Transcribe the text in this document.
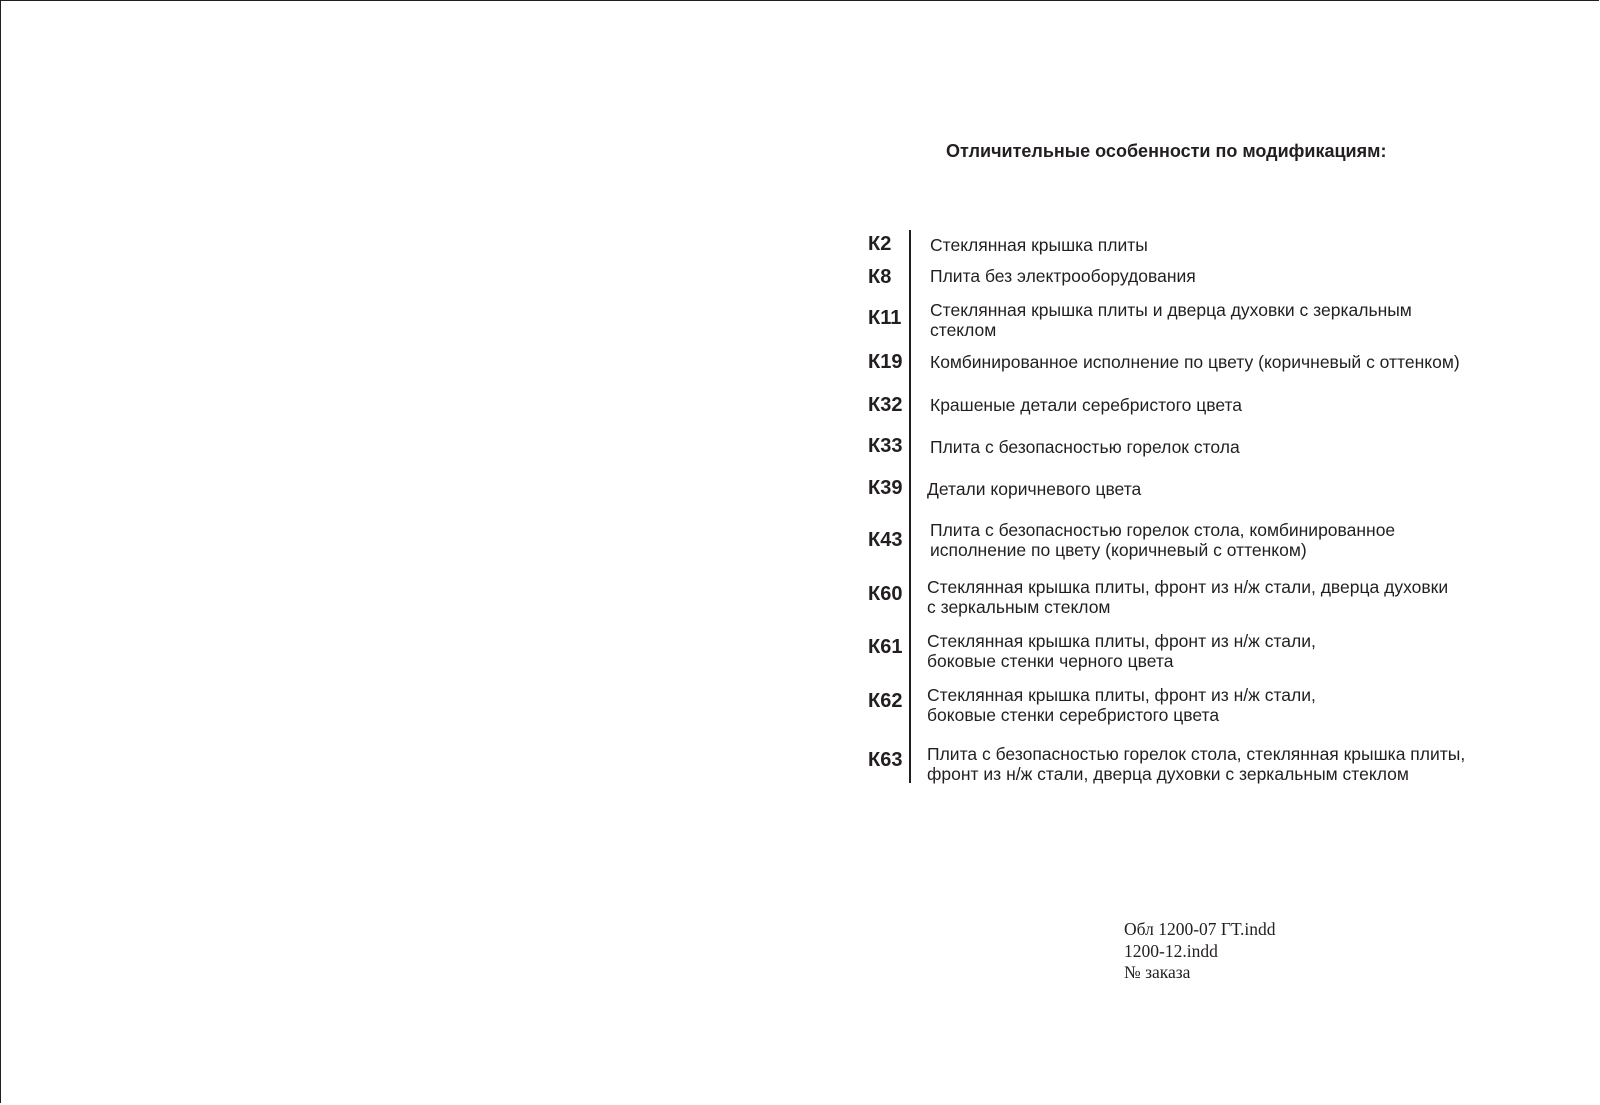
Отличительные особенности по модификациям:
К2 Стеклянная крышка плиты
К8 Плита без электрооборудования
К11 Стеклянная крышка плиты и дверца духовки с зеркальным
стеклом
К19 Комбинированное исполнение по цвету (коричневый с оттенком)
К32 Крашеные детали серебристого цвета
К33 Плита с безопасностью горелок стола
К39 Детали коричневого цвета
К43 Плита с безопасностью горелок стола, комбинированное
исполнение по цвету (коричневый с оттенком)
К60 Стеклянная крышка плиты, фронт из н/ж стали, дверца духовки
с зеркальным стеклом
К61 Стеклянная крышка плиты, фронт из н/ж стали,
боковые стенки черного цвета
К62 Стеклянная крышка плиты, фронт из н/ж стали,
боковые стенки серебристого цвета
К63 Плита с безопасностью горелок стола, стеклянная крышка плиты,
фронт из н/ж стали, дверца духовки с зеркальным стеклом
Обл 1200-07 ГТ.indd
1200-12.indd
№ заказа
